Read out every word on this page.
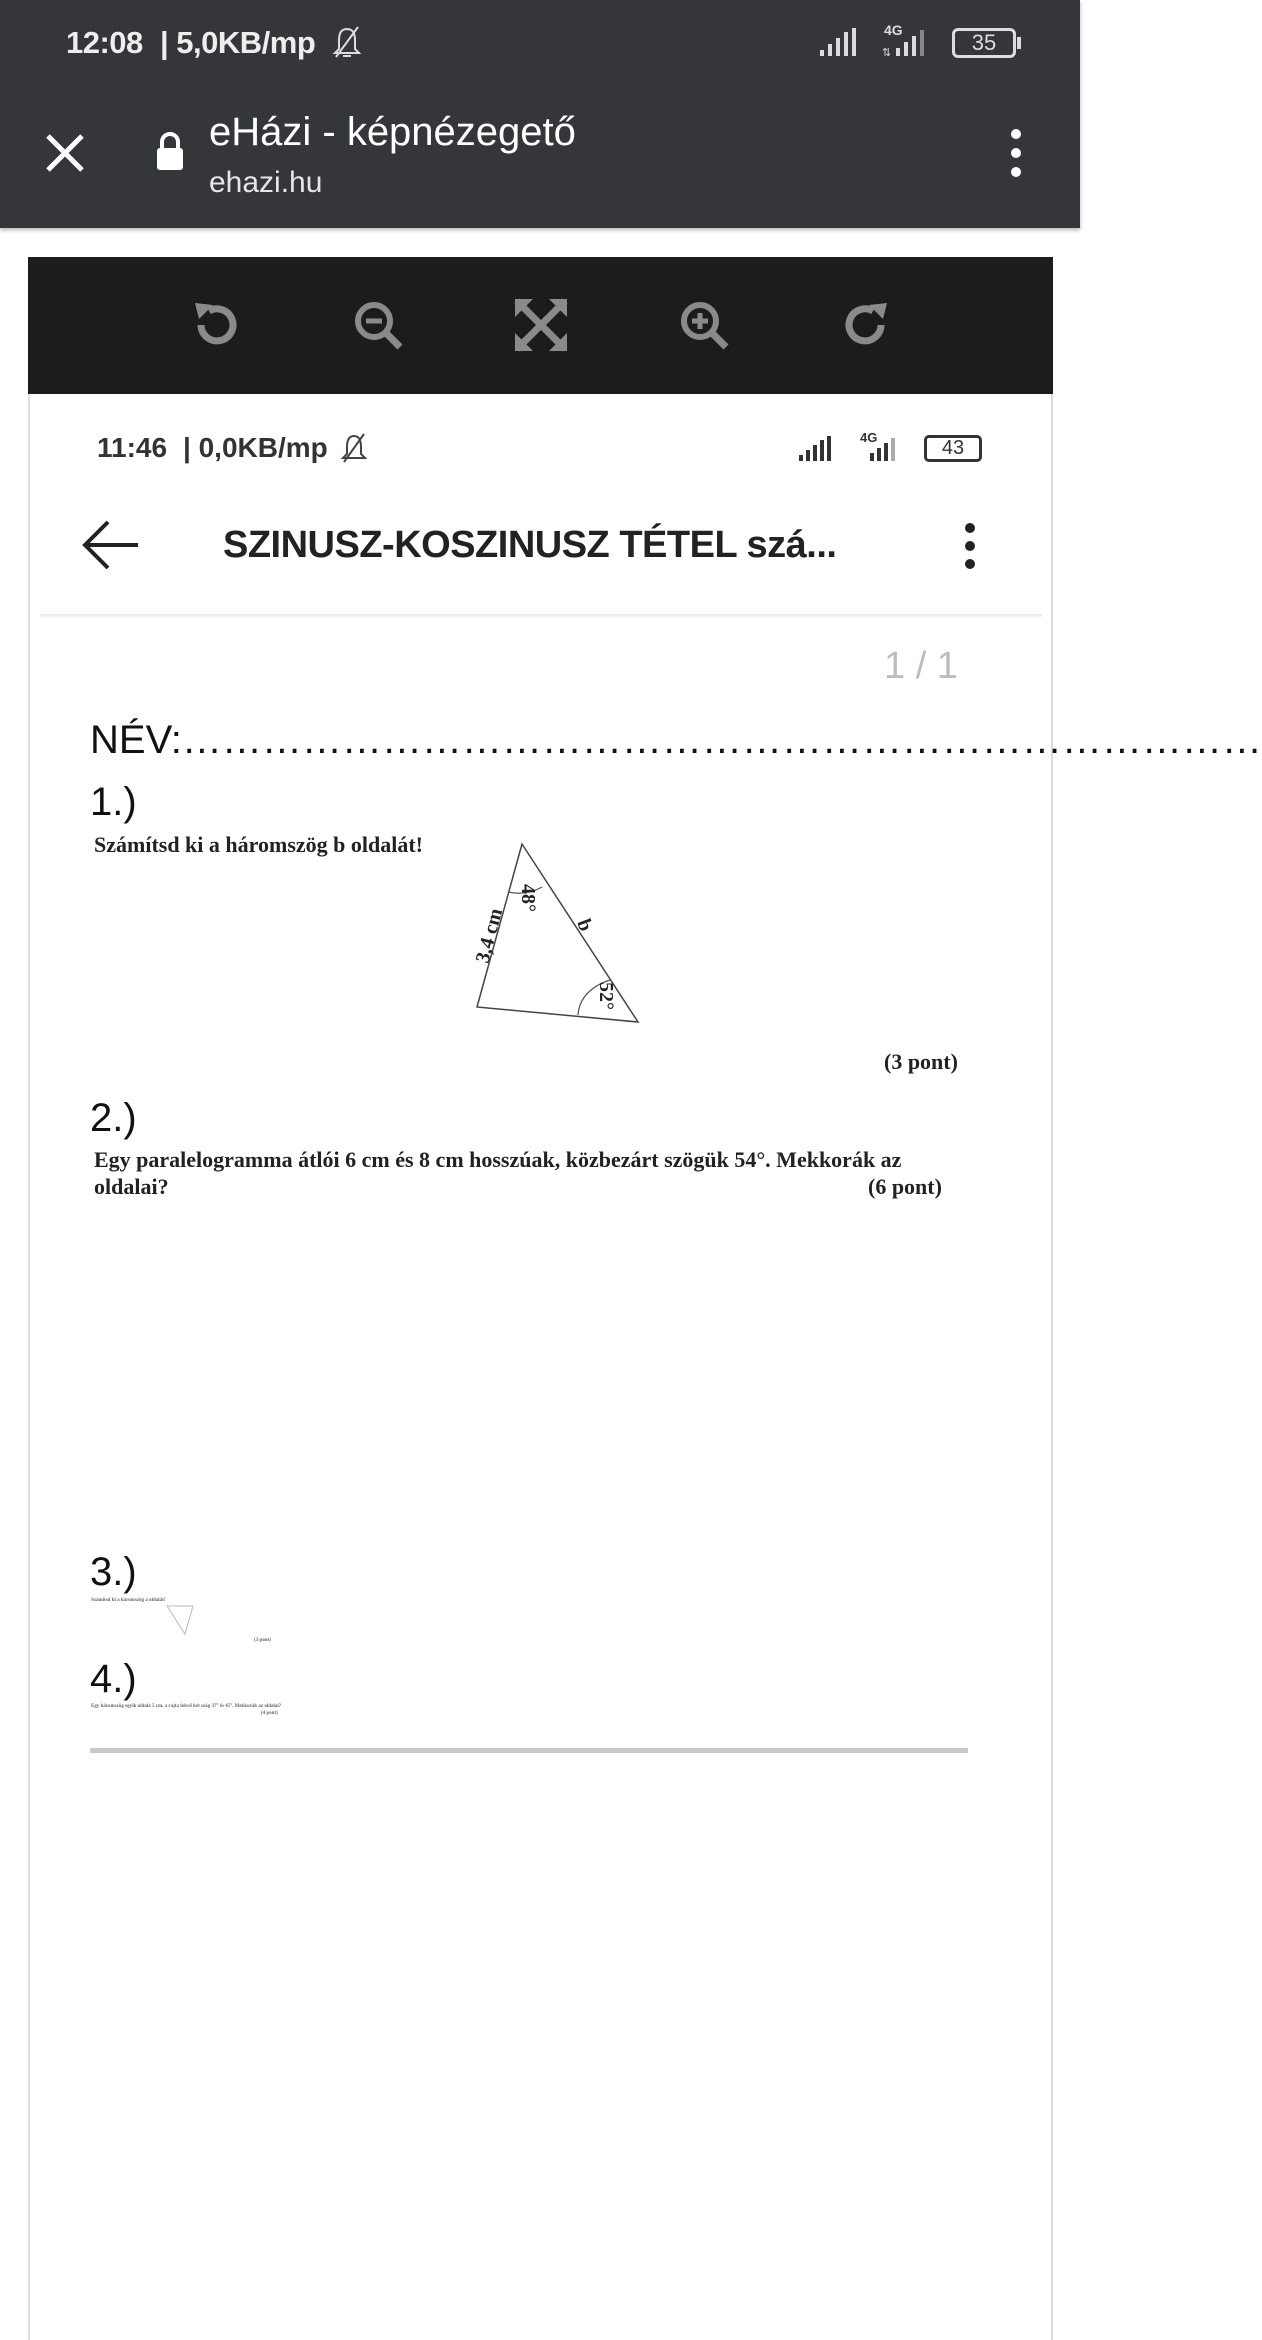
12:08 | 5,0KB/mp	4G
⇅	35
eHázi - képnézegető
ehazi.hu
11:46 | 0,0KB/mp	4G	43
SZINUSZ-KOSZINUSZ TÉTEL szá...
1 / 1
NÉV:………………………………………………………………………
1.)
Számítsd ki a háromszög b oldalát!
48°
3,4 cm	b
52°
(3 pont)
2.)
Egy paralelogramma átlói 6 cm és 8 cm hosszúak, közbezárt szögük 54°. Mekkorák az
oldalai?	(6 pont)
3.)
Számítsd ki a háromszög a oldalát!
(3 pont)
4.)
Egy háromszög egyik oldala 5 cm, a rajta fekvő két szög 37° és 45°. Mekkorák az oldalai?
(4 pont)
